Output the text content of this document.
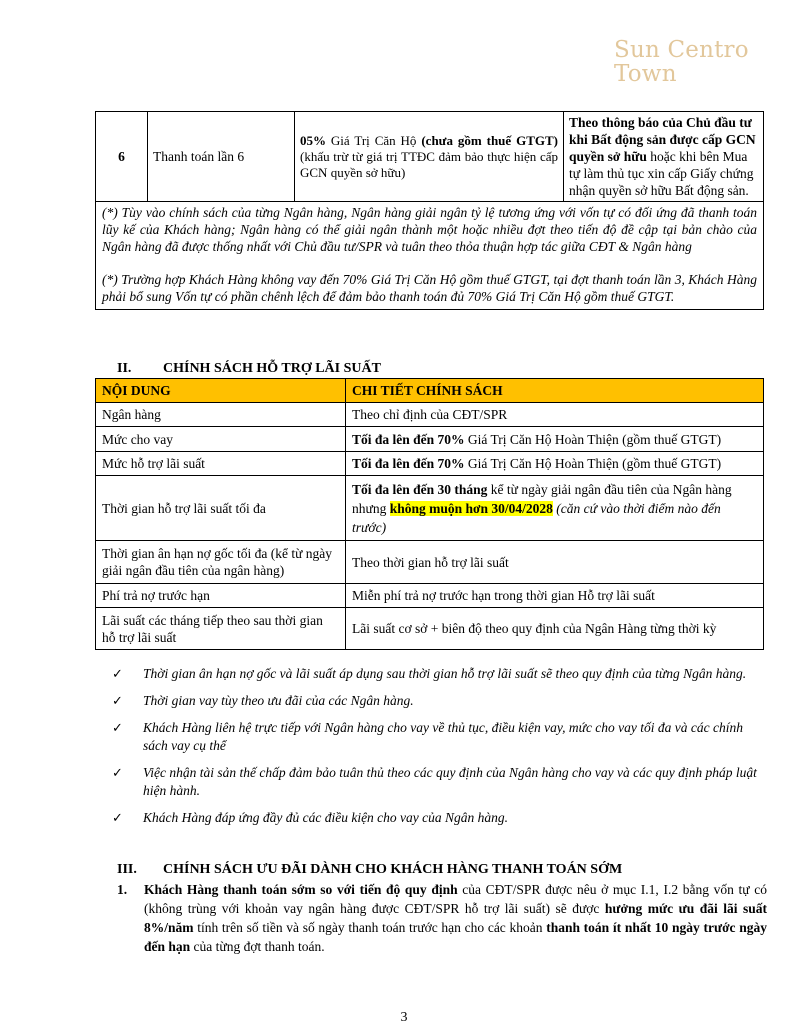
Sun Centro
Town
6	Thanh toán lần 6	05% Giá Trị Căn Hộ (chưa gồm thuế GTGT) (khấu trừ từ giá trị TTĐC đảm bảo thực hiện cấp GCN quyền sở hữu)	Theo thông báo của Chủ đầu tư khi Bất động sản được cấp GCN quyền sở hữu hoặc khi bên Mua tự làm thủ tục xin cấp Giấy chứng nhận quyền sở hữu Bất động sản.

(*) Tùy vào chính sách của từng Ngân hàng, Ngân hàng giải ngân tỷ lệ tương ứng với vốn tự có đối ứng đã thanh toán lũy kế của Khách hàng; Ngân hàng có thể giải ngân thành một hoặc nhiều đợt theo tiến độ đề cập tại bản chào của Ngân hàng đã được thống nhất với Chủ đầu tư/SPR và tuân theo thỏa thuận hợp tác giữa CĐT & Ngân hàng

(*) Trường hợp Khách Hàng không vay đến 70% Giá Trị Căn Hộ gồm thuế GTGT, tại đợt thanh toán lần 3, Khách Hàng phải bổ sung Vốn tự có phần chênh lệch để đảm bảo thanh toán đủ 70% Giá Trị Căn Hộ gồm thuế GTGT.

II. CHÍNH SÁCH HỖ TRỢ LÃI SUẤT
NỘI DUNG	CHI TIẾT CHÍNH SÁCH
Ngân hàng	Theo chỉ định của CĐT/SPR
Mức cho vay	Tối đa lên đến 70% Giá Trị Căn Hộ Hoàn Thiện (gồm thuế GTGT)
Mức hỗ trợ lãi suất	Tối đa lên đến 70% Giá Trị Căn Hộ Hoàn Thiện (gồm thuế GTGT)
Thời gian hỗ trợ lãi suất tối đa	Tối đa lên đến 30 tháng kể từ ngày giải ngân đầu tiên của Ngân hàng nhưng không muộn hơn 30/04/2028 (căn cứ vào thời điểm nào đến trước)
Thời gian ân hạn nợ gốc tối đa (kể từ ngày giải ngân đầu tiên của ngân hàng)	Theo thời gian hỗ trợ lãi suất
Phí trả nợ trước hạn	Miễn phí trả nợ trước hạn trong thời gian Hỗ trợ lãi suất
Lãi suất các tháng tiếp theo sau thời gian hỗ trợ lãi suất	Lãi suất cơ sở + biên độ theo quy định của Ngân Hàng từng thời kỳ
✓ Thời gian ân hạn nợ gốc và lãi suất áp dụng sau thời gian hỗ trợ lãi suất sẽ theo quy định của từng Ngân hàng.
✓ Thời gian vay tùy theo ưu đãi của các Ngân hàng.
✓ Khách Hàng liên hệ trực tiếp với Ngân hàng cho vay về thủ tục, điều kiện vay, mức cho vay tối đa và các chính sách vay cụ thể
✓ Việc nhận tài sản thế chấp đảm bảo tuân thủ theo các quy định của Ngân hàng cho vay và các quy định pháp luật hiện hành.
✓ Khách Hàng đáp ứng đầy đủ các điều kiện cho vay của Ngân hàng.
III. CHÍNH SÁCH ƯU ĐÃI DÀNH CHO KHÁCH HÀNG THANH TOÁN SỚM
1. Khách Hàng thanh toán sớm so với tiến độ quy định của CĐT/SPR được nêu ở mục I.1, I.2 bằng vốn tự có (không trùng với khoản vay ngân hàng được CĐT/SPR hỗ trợ lãi suất) sẽ được hưởng mức ưu đãi lãi suất 8%/năm tính trên số tiền và số ngày thanh toán trước hạn cho các khoản thanh toán ít nhất 10 ngày trước ngày đến hạn của từng đợt thanh toán.
3
